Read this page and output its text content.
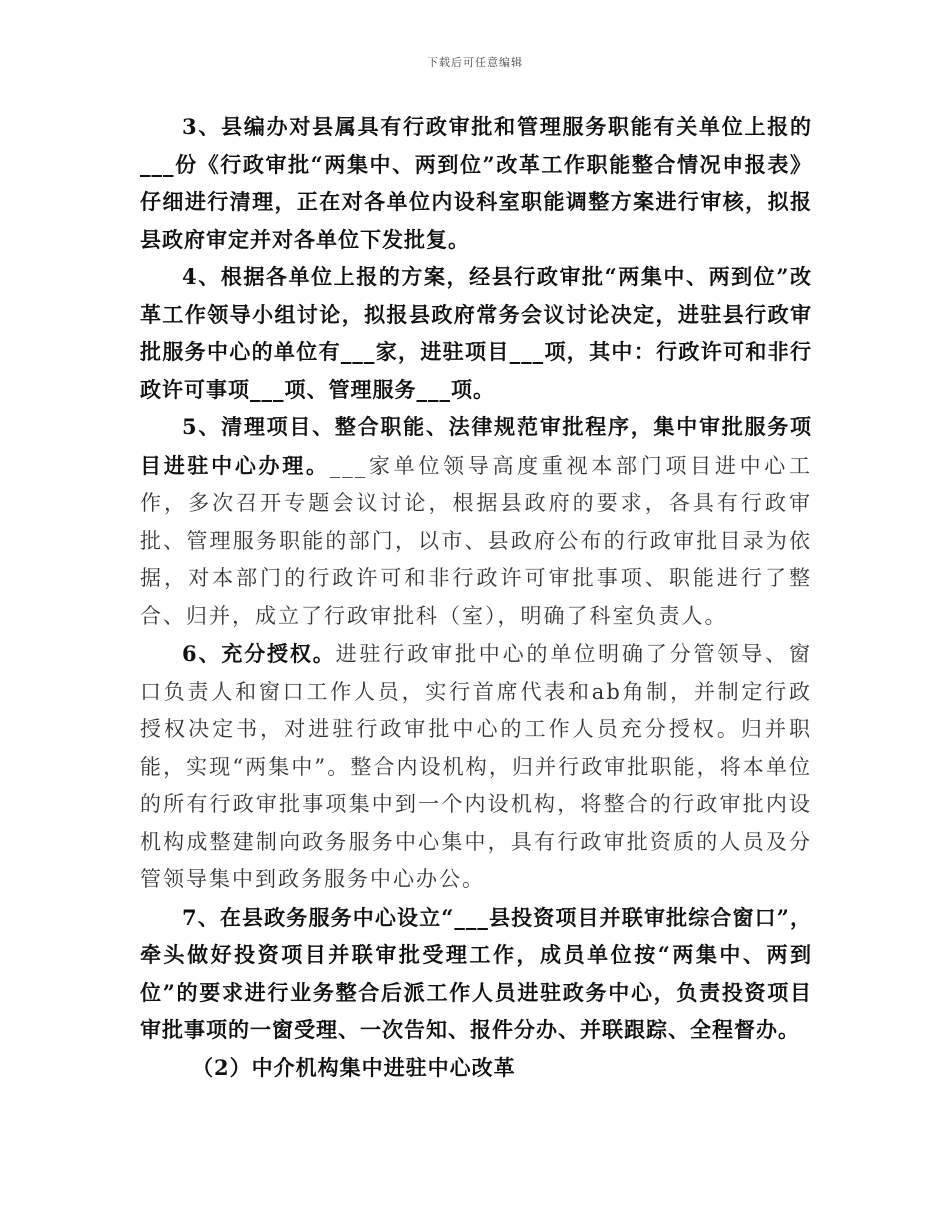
下载后可任意编辑

3、县编办对县属具有行政审批和管理服务职能有关单位上报的___份《行政审批“两集中、两到位”改革工作职能整合情况申报表》仔细进行清理，正在对各单位内设科室职能调整方案进行审核，拟报县政府审定并对各单位下发批复。

4、根据各单位上报的方案，经县行政审批“两集中、两到位”改革工作领导小组讨论，拟报县政府常务会议讨论决定，进驻县行政审批服务中心的单位有___家，进驻项目___项，其中：行政许可和非行政许可事项___项、管理服务___项。

5、清理项目、整合职能、法律规范审批程序，集中审批服务项目进驻中心办理。___家单位领导高度重视本部门项目进中心工作，多次召开专题会议讨论，根据县政府的要求，各具有行政审批、管理服务职能的部门，以市、县政府公布的行政审批目录为依据，对本部门的行政许可和非行政许可审批事项、职能进行了整合、归并，成立了行政审批科（室），明确了科室负责人。

6、充分授权。进驻行政审批中心的单位明确了分管领导、窗口负责人和窗口工作人员，实行首席代表和ab角制，并制定行政授权决定书，对进驻行政审批中心的工作人员充分授权。归并职能，实现“两集中”。整合内设机构，归并行政审批职能，将本单位的所有行政审批事项集中到一个内设机构，将整合的行政审批内设机构成整建制向政务服务中心集中，具有行政审批资质的人员及分管领导集中到政务服务中心办公。

7、在县政务服务中心设立“___县投资项目并联审批综合窗口”，牵头做好投资项目并联审批受理工作，成员单位按“两集中、两到位”的要求进行业务整合后派工作人员进驻政务中心，负责投资项目审批事项的一窗受理、一次告知、报件分办、并联跟踪、全程督办。

（2）中介机构集中进驻中心改革
